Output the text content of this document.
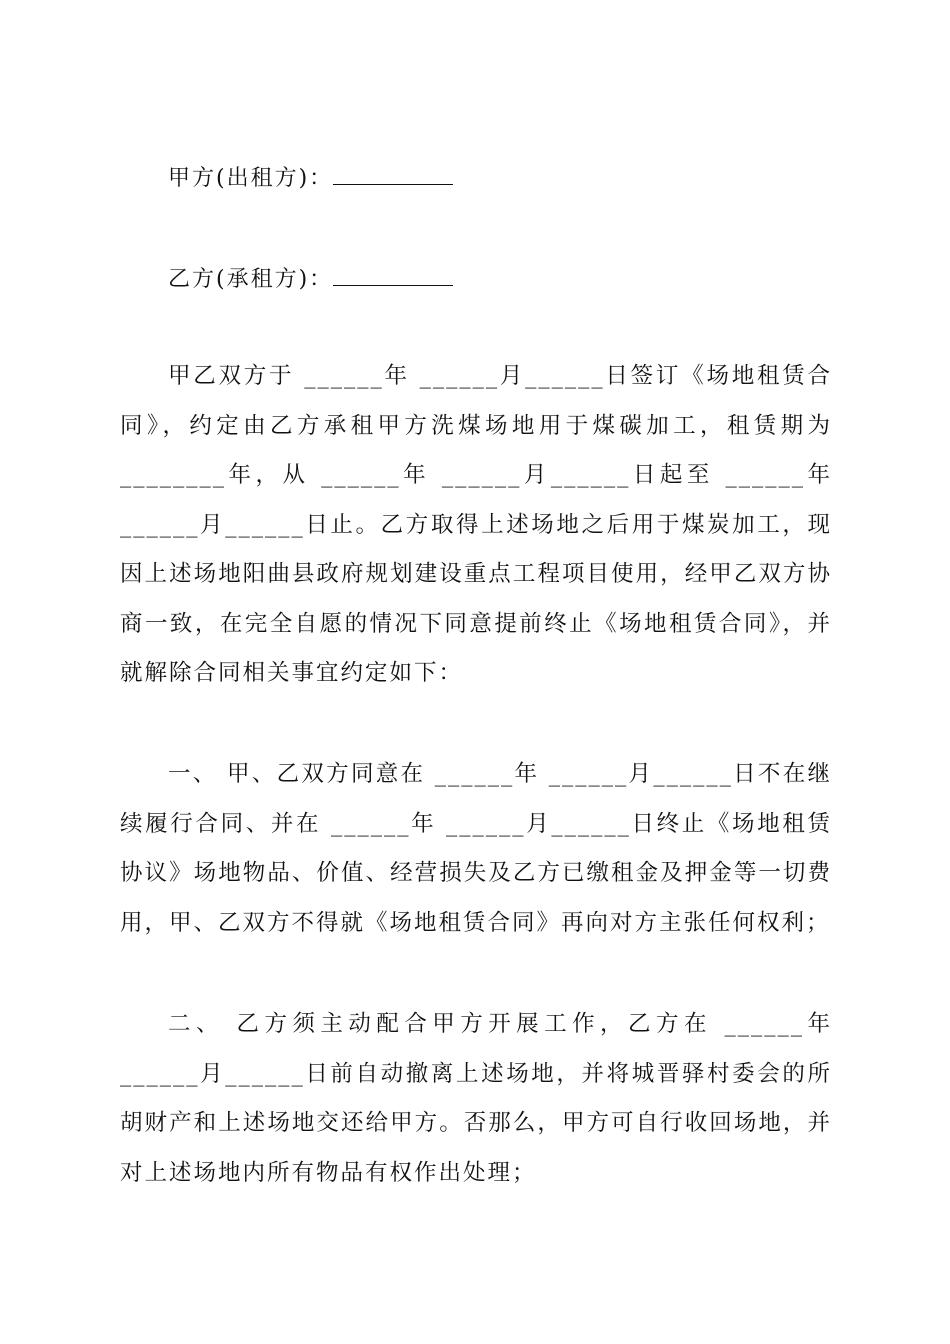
甲方(出租方)：
乙方(承租方)：

甲乙双方于 ______年 ______月______日签订《场地租赁合同》，约定由乙方承租甲方洗煤场地用于煤碳加工，租赁期为________年，从 ______年 ______月______日起至 ______年 ______月______日止。乙方取得上述场地之后用于煤炭加工，现因上述场地阳曲县政府规划建设重点工程项目使用，经甲乙双方协商一致，在完全自愿的情况下同意提前终止《场地租赁合同》，并就解除合同相关事宜约定如下：

一、 甲、乙双方同意在 ______年 ______月______日不在继续履行合同、并在 ______年 ______月______日终止《场地租赁协议》场地物品、价值、经营损失及乙方已缴租金及押金等一切费用，甲、乙双方不得就《场地租赁合同》再向对方主张任何权利；

二、 乙方须主动配合甲方开展工作，乙方在 ______年 ______月______日前自动撤离上述场地，并将城晋驿村委会的所胡财产和上述场地交还给甲方。否那么，甲方可自行收回场地，并对上述场地内所有物品有权作出处理；
